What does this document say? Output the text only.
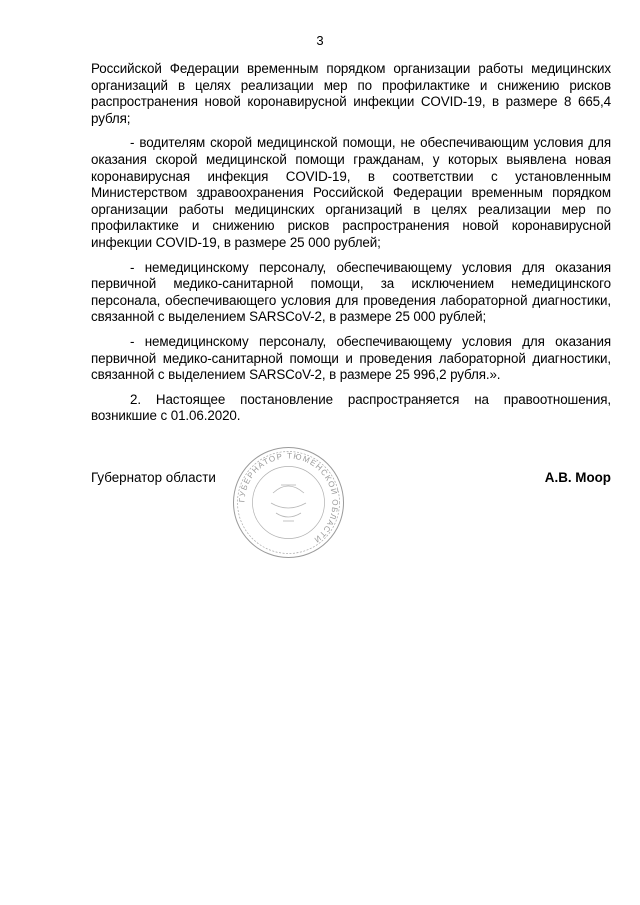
3

Российской Федерации временным порядком организации работы медицинских организаций в целях реализации мер по профилактике и снижению рисков распространения новой коронавирусной инфекции COVID-19, в размере 8 665,4 рубля;

- водителям скорой медицинской помощи, не обеспечивающим условия для оказания скорой медицинской помощи гражданам, у которых выявлена новая коронавирусная инфекция COVID-19, в соответствии с установленным Министерством здравоохранения Российской Федерации временным порядком организации работы медицинских организаций в целях реализации мер по профилактике и снижению рисков распространения новой коронавирусной инфекции COVID-19, в размере 25 000 рублей;

- немедицинскому персоналу, обеспечивающему условия для оказания первичной медико-санитарной помощи, за исключением немедицинского персонала, обеспечивающего условия для проведения лабораторной диагностики, связанной с выделением SARSCoV-2, в размере 25 000 рублей;

- немедицинскому персоналу, обеспечивающему условия для оказания первичной медико-санитарной помощи и проведения лабораторной диагностики, связанной с выделением SARSCoV-2, в размере 25 996,2 рубля.».

2. Настоящее постановление распространяется на правоотношения, возникшие с 01.06.2020.

Губернатор области
ГУБЕРНАТОР ТЮМЕНСКОЙ ОБЛАСТИ
А.В. Моор
